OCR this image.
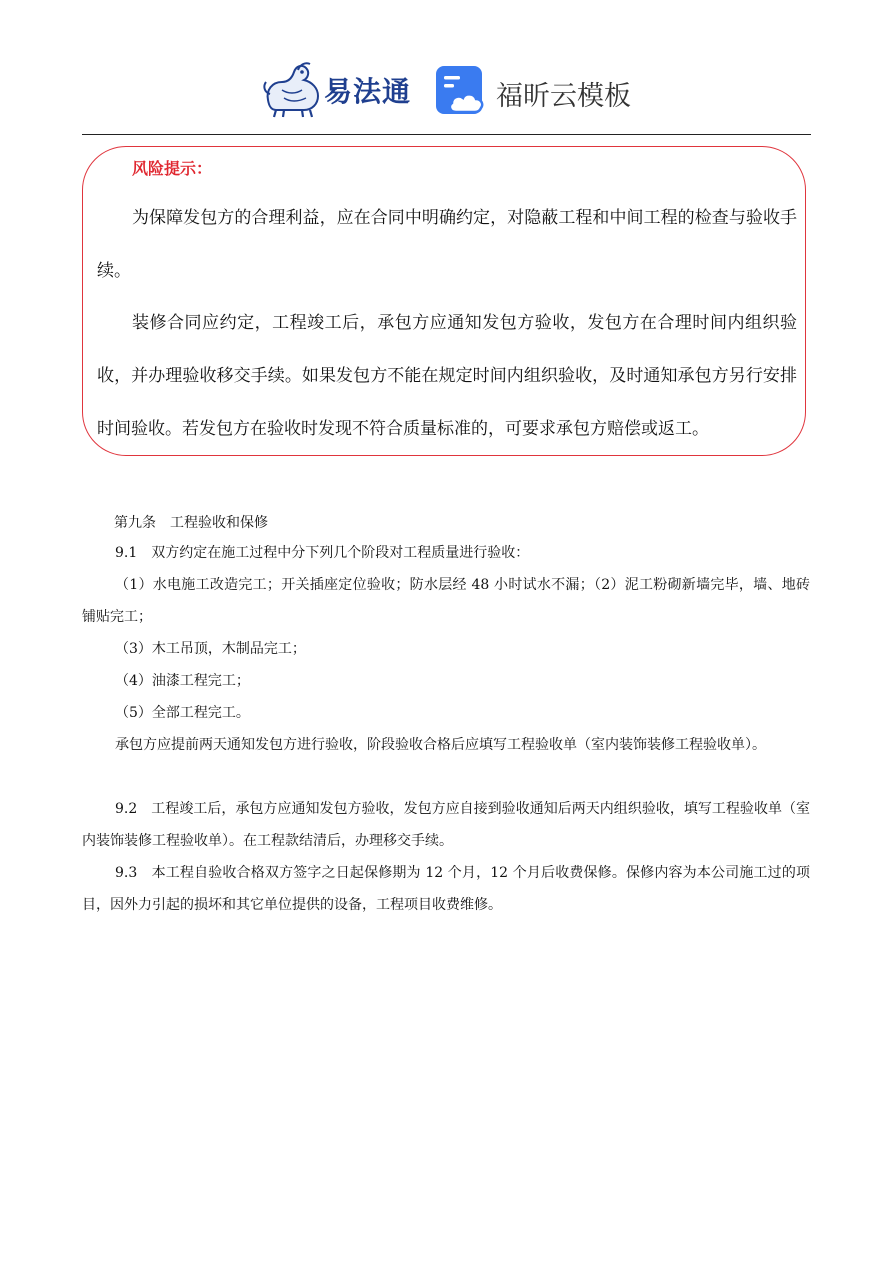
易法通	福昕云模板
风险提示：

为保障发包方的合理利益，应在合同中明确约定，对隐蔽工程和中间工程的检查与验收手续。

装修合同应约定，工程竣工后，承包方应通知发包方验收，发包方在合理时间内组织验收，并办理验收移交手续。如果发包方不能在规定时间内组织验收，及时通知承包方另行安排时间验收。若发包方在验收时发现不符合质量标准的，可要求承包方赔偿或返工。

第九条　工程验收和保修

9.1　双方约定在施工过程中分下列几个阶段对工程质量进行验收：

（1）水电施工改造完工；开关插座定位验收；防水层经 48 小时试水不漏；（2）泥工粉砌新墙完毕，墙、地砖铺贴完工；

（3）木工吊顶，木制品完工；

（4）油漆工程完工；

（5）全部工程完工。

承包方应提前两天通知发包方进行验收，阶段验收合格后应填写工程验收单（室内装饰装修工程验收单）。

9.2　工程竣工后，承包方应通知发包方验收，发包方应自接到验收通知后两天内组织验收，填写工程验收单（室内装饰装修工程验收单）。在工程款结清后，办理移交手续。

9.3　本工程自验收合格双方签字之日起保修期为 12 个月，12 个月后收费保修。保修内容为本公司施工过的项目，因外力引起的损坏和其它单位提供的设备，工程项目收费维修。
